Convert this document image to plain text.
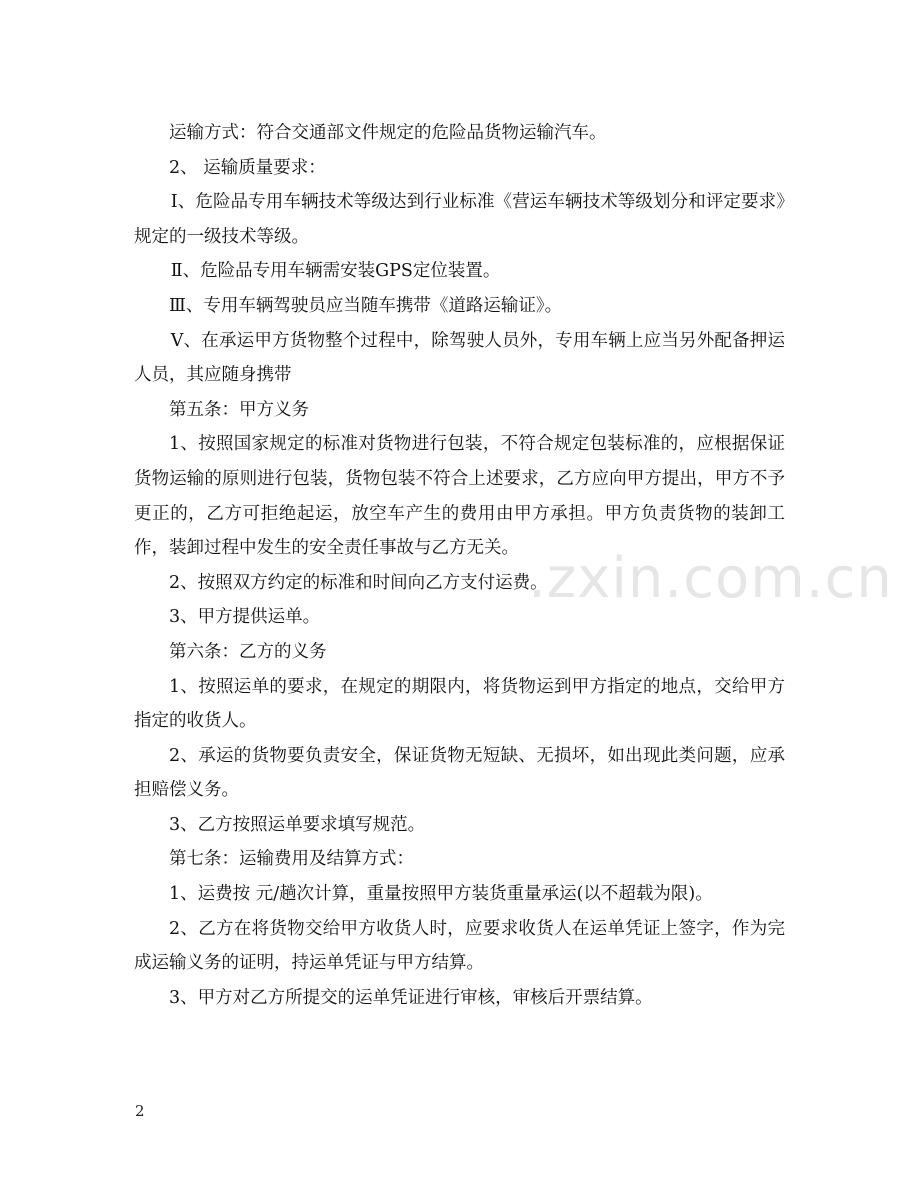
运输方式：符合交通部文件规定的危险品货物运输汽车。

2、 运输质量要求：

Ⅰ、危险品专用车辆技术等级达到行业标准《营运车辆技术等级划分和评定要求》规定的一级技术等级。

Ⅱ、危险品专用车辆需安装GPS定位装置。

Ⅲ、专用车辆驾驶员应当随车携带《道路运输证》。

Ⅴ、在承运甲方货物整个过程中，除驾驶人员外，专用车辆上应当另外配备押运人员，其应随身携带

第五条：甲方义务

1、按照国家规定的标准对货物进行包装，不符合规定包装标准的，应根据保证货物运输的原则进行包装，货物包装不符合上述要求，乙方应向甲方提出，甲方不予更正的，乙方可拒绝起运，放空车产生的费用由甲方承担。甲方负责货物的装卸工作，装卸过程中发生的安全责任事故与乙方无关。

2、按照双方约定的标准和时间向乙方支付运费。

3、甲方提供运单。

第六条：乙方的义务

1、按照运单的要求，在规定的期限内，将货物运到甲方指定的地点，交给甲方指定的收货人。

2、承运的货物要负责安全，保证货物无短缺、无损坏，如出现此类问题，应承担赔偿义务。

3、乙方按照运单要求填写规范。

第七条：运输费用及结算方式：

1、运费按 元/趟次计算，重量按照甲方装货重量承运(以不超载为限)。

2、乙方在将货物交给甲方收货人时，应要求收货人在运单凭证上签字，作为完成运输义务的证明，持运单凭证与甲方结算。

3、甲方对乙方所提交的运单凭证进行审核，审核后开票结算。

.zxin.com.cn
2
